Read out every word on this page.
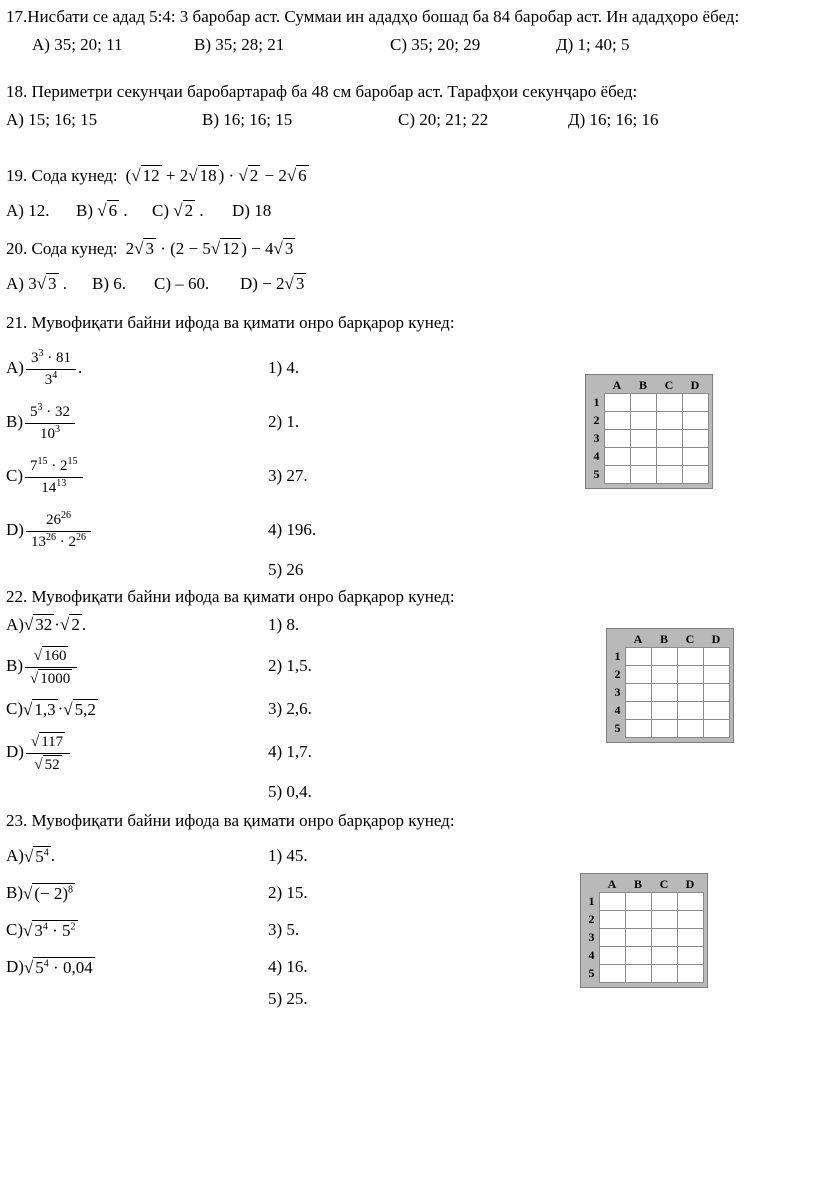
17.Нисбати се адад 5:4: 3 баробар аст. Суммаи ин ададҳо бошад ба 84 баробар аст. Ин ададҳоро ёбед:

А) 35; 20; 11	В) 35; 28; 21	С) 35; 20; 29	Д) 1; 40; 5

18. Периметри секунҷаи баробартараф ба 48 см баробар аст. Тарафҳои секунҷаро ёбед:

А) 15; 16; 15	В) 16; 16; 15	С) 20; 21; 22	Д) 16; 16; 16

19. Сода кунед: (√ 12 + 2√ 18 ) · √ 2 − 2√ 6

А) 12.	В) √ 6 .	С) √ 2 .	D) 18

20. Сода кунед: 2√ 3 · (2 − 5√ 12 ) − 4√ 3

А) 3√ 3 .	В) 6.	С) – 60.	D) − 2√ 3

21. Мувофиқати байни ифода ва қимати онро барқарор кунед:

$А) \frac{3^3 \cdot 81}{3^4}$ .	1) 4.
$В) \frac{5^3 \cdot 32}{10^3}$	2) 1.
$С) \frac{7^{15} \cdot 2^{15}}{14^{13}}$	3) 27.
$D) \frac{26^{26}}{13^{26} \cdot 2^{26}}$	4) 196.

5) 26

A	B	C	D
1
2
3
4
5

22. Мувофиқати байни ифода ва қимати онро барқарор кунед:

А) √ 32 · √ 2 .	1) 8.
$В) \frac{√ 160}{√ 1000}$	2) 1,5.
С) √ 1,3 · √ 5,2	3) 2,6.
$D) \frac{√ 117}{√ 52}$	4) 1,7.

5) 0,4.

A	B	C	D
1
2
3
4
5

23. Мувофиқати байни ифода ва қимати онро барқарор кунед:

А) √ $5^4$ .	1) 45.
В) √ (− 2)$^8$	2) 15.
С) √ $3^4 \cdot 5^2$	3) 5.
D) √ $5^4 \cdot 0,04$	4) 16.

5) 25.

A	B	C	D
1
2
3
4
5
